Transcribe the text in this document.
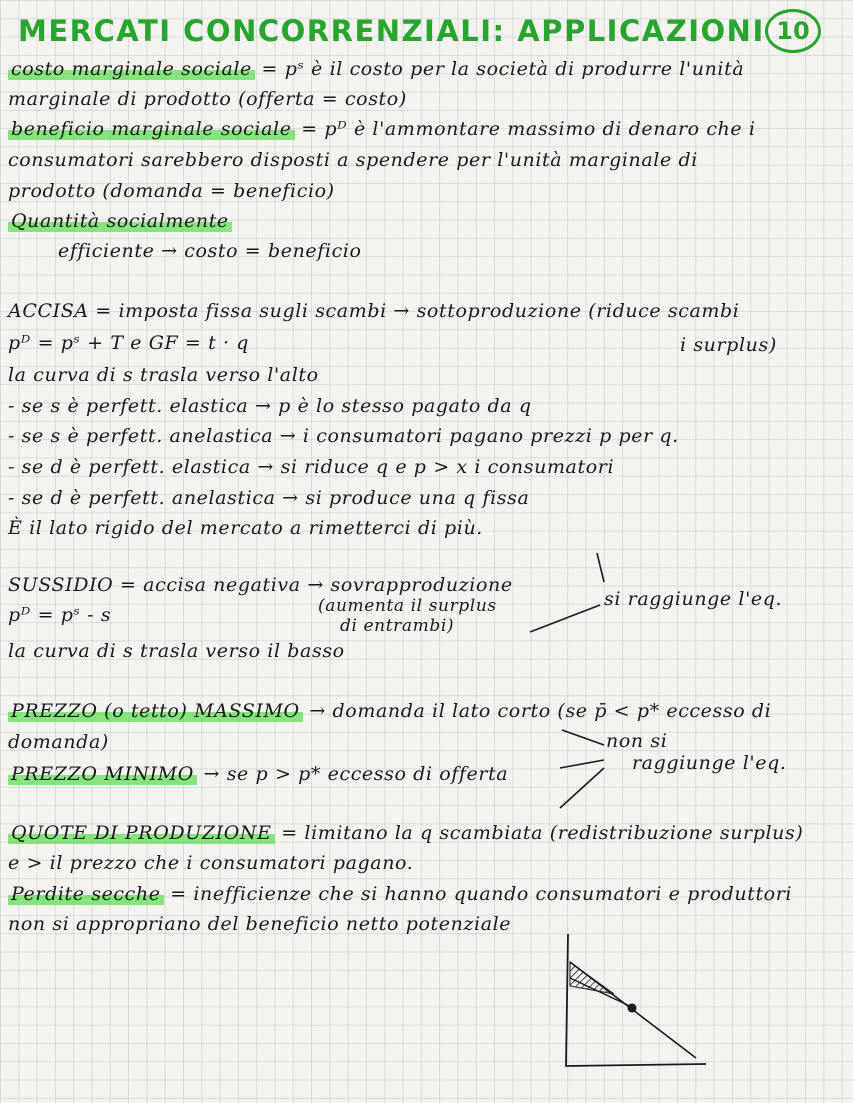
MERCATI CONCORRENZIALI: APPLICAZIONI 10
costo marginale sociale = pˢ è il costo per la società di produrre l'unità
marginale di prodotto (offerta = costo)
beneficio marginale sociale = pᴰ è l'ammontare massimo di denaro che i
consumatori sarebbero disposti a spendere per l'unità marginale di
prodotto (domanda = beneficio)
Quantità socialmente
efficiente → costo = beneficio
ACCISA = imposta fissa sugli scambi → sottoproduzione (riduce scambi
pᴰ = pˢ + T e GF = t · q	i surplus)
la curva di s trasla verso l'alto
- se s è perfett. elastica → p è lo stesso pagato da q
- se s è perfett. anelastica → i consumatori pagano prezzi p per q.
- se d è perfett. elastica → si riduce q e p > x i consumatori
- se d è perfett. anelastica → si produce una q fissa
È il lato rigido del mercato a rimetterci di più.
SUSSIDIO = accisa negativa → sovrapproduzione
(aumenta il surplus
di entrambi)
pᴰ = pˢ - s
la curva di s trasla verso il basso
si raggiunge l'eq.
PREZZO (o tetto) MASSIMO → domanda il lato corto (se p̄ < p* eccesso di
domanda)
PREZZO MINIMO → se p > p* eccesso di offerta
non si
raggiunge l'eq.
QUOTE DI PRODUZIONE = limitano la q scambiata (redistribuzione surplus)
e > il prezzo che i consumatori pagano.
Perdite secche = inefficienze che si hanno quando consumatori e produttori
non si appropriano del beneficio netto potenziale
